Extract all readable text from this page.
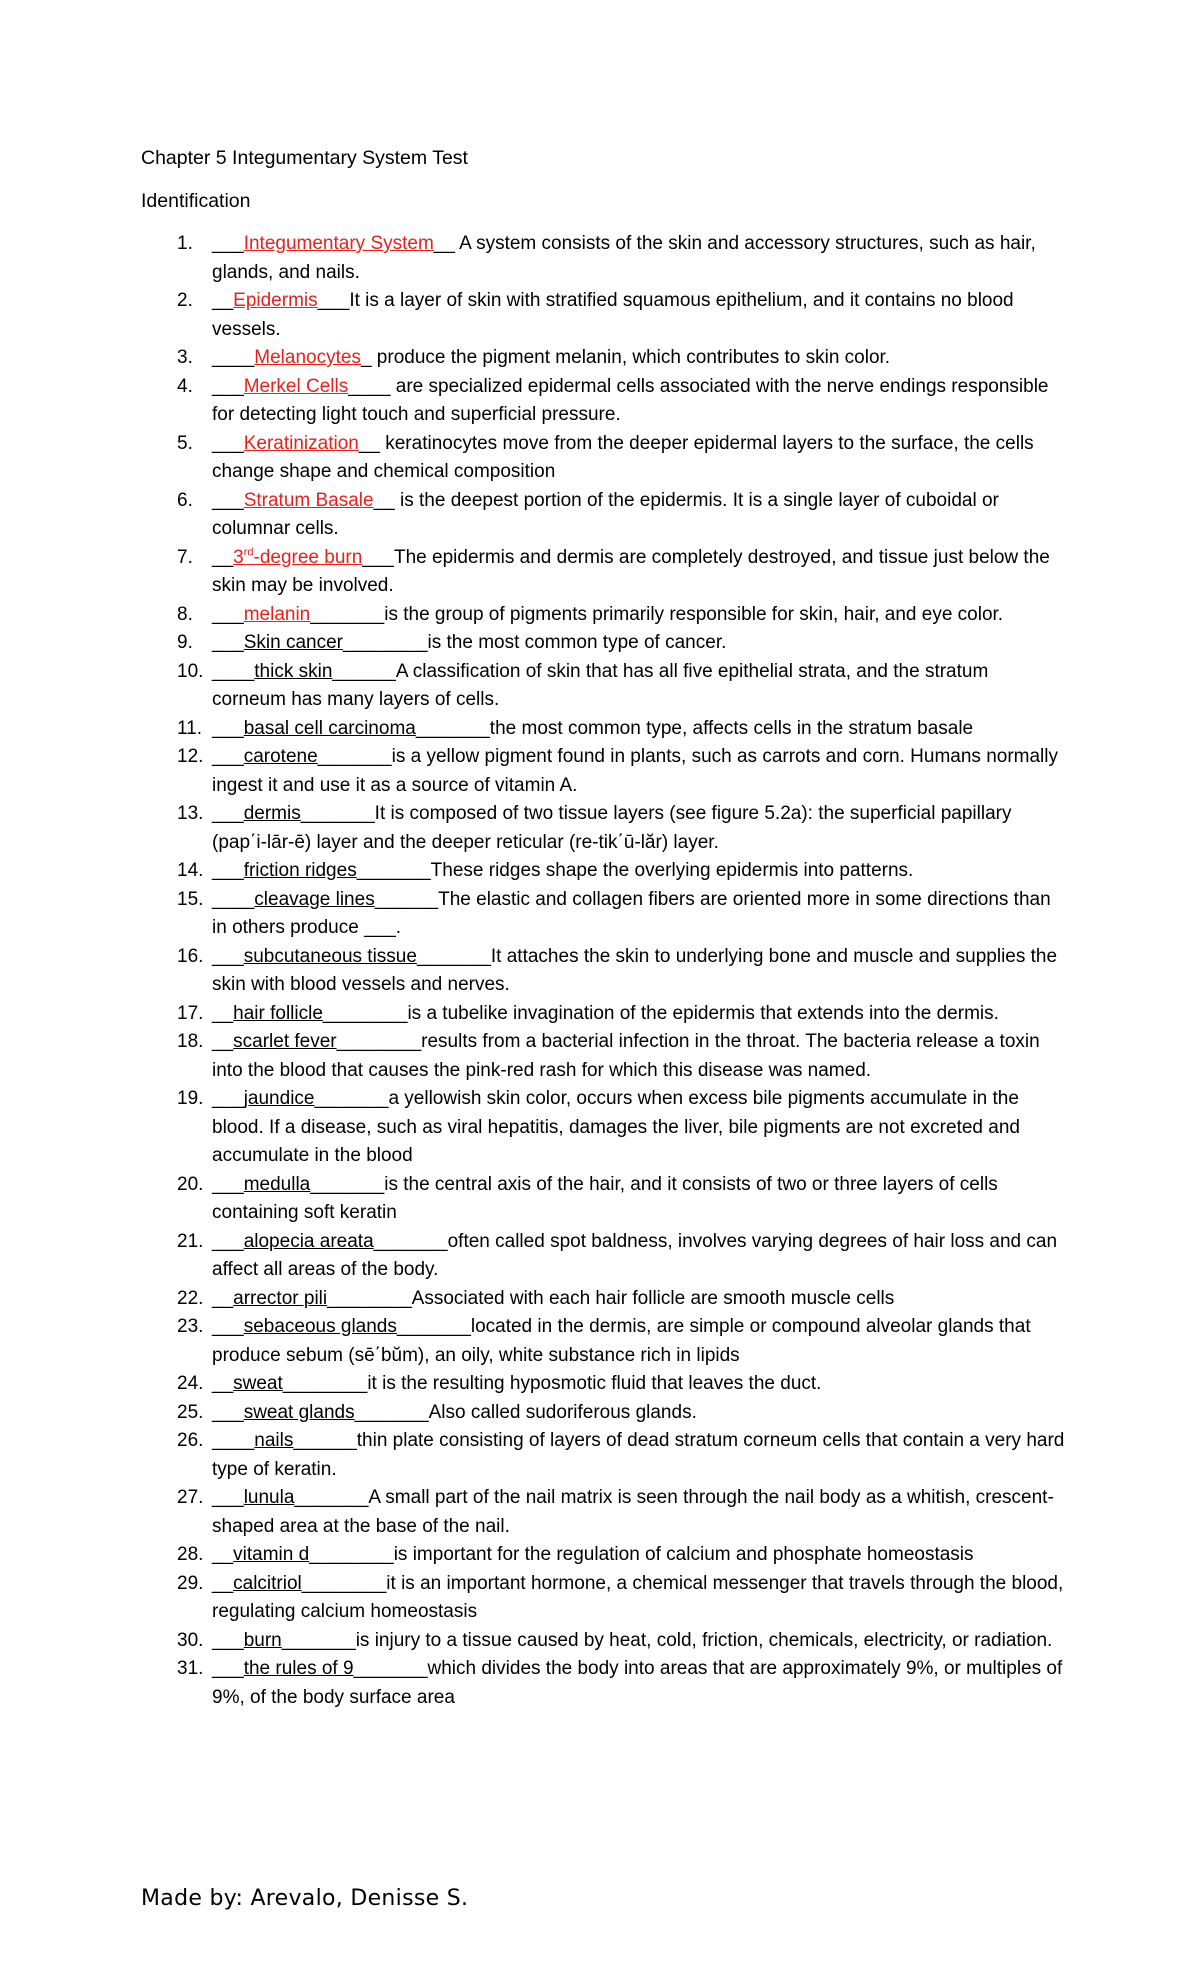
Chapter 5 Integumentary System Test
Identification
1. ___Integumentary System__ A system consists of the skin and accessory structures, such as hair, glands, and nails.
2. __Epidermis___It is a layer of skin with stratified squamous epithelium, and it contains no blood vessels.
3. ____Melanocytes_ produce the pigment melanin, which contributes to skin color.
4. ___Merkel Cells____ are specialized epidermal cells associated with the nerve endings responsible for detecting light touch and superficial pressure.
5. ___Keratinization__ keratinocytes move from the deeper epidermal layers to the surface, the cells change shape and chemical composition
6. ___Stratum Basale__ is the deepest portion of the epidermis. It is a single layer of cuboidal or columnar cells.
7. __3rd-degree burn___The epidermis and dermis are completely destroyed, and tissue just below the skin may be involved.
8. ___melanin_______is the group of pigments primarily responsible for skin, hair, and eye color.
9. ___Skin cancer________is the most common type of cancer.
10. ____thick skin______A classification of skin that has all five epithelial strata, and the stratum corneum has many layers of cells.
11. ___basal cell carcinoma_______the most common type, affects cells in the stratum basale
12. ___carotene_______is a yellow pigment found in plants, such as carrots and corn. Humans normally ingest it and use it as a source of vitamin A.
13. ___dermis_______It is composed of two tissue layers (see figure 5.2a): the superficial papillary (pap΄i-lār-ē) layer and the deeper reticular (re-tik΄ū-lăr) layer.
14. ___friction ridges_______These ridges shape the overlying epidermis into patterns.
15. ____cleavage lines______The elastic and collagen fibers are oriented more in some directions than in others produce ___.
16. ___subcutaneous tissue_______It attaches the skin to underlying bone and muscle and supplies the skin with blood vessels and nerves.
17. __hair follicle________is a tubelike invagination of the epidermis that extends into the dermis.
18. __scarlet fever________results from a bacterial infection in the throat. The bacteria release a toxin into the blood that causes the pink-red rash for which this disease was named.
19. ___jaundice_______a yellowish skin color, occurs when excess bile pigments accumulate in the blood. If a disease, such as viral hepatitis, damages the liver, bile pigments are not excreted and accumulate in the blood
20. ___medulla_______is the central axis of the hair, and it consists of two or three layers of cells containing soft keratin
21. ___alopecia areata_______often called spot baldness, involves varying degrees of hair loss and can affect all areas of the body.
22. __arrector pili________Associated with each hair follicle are smooth muscle cells
23. ___sebaceous glands_______located in the dermis, are simple or compound alveolar glands that produce sebum (sē΄bŭm), an oily, white substance rich in lipids
24. __sweat________it is the resulting hyposmotic fluid that leaves the duct.
25. ___sweat glands_______Also called sudoriferous glands.
26. ____nails______thin plate consisting of layers of dead stratum corneum cells that contain a very hard type of keratin.
27. ___lunula_______A small part of the nail matrix is seen through the nail body as a whitish, crescent-shaped area at the base of the nail.
28. __vitamin d________is important for the regulation of calcium and phosphate homeostasis
29. __calcitriol________it is an important hormone, a chemical messenger that travels through the blood, regulating calcium homeostasis
30. ___burn_______is injury to a tissue caused by heat, cold, friction, chemicals, electricity, or radiation.
31. ___the rules of 9_______which divides the body into areas that are approximately 9%, or multiples of 9%, of the body surface area
Made by: Arevalo, Denisse S.
